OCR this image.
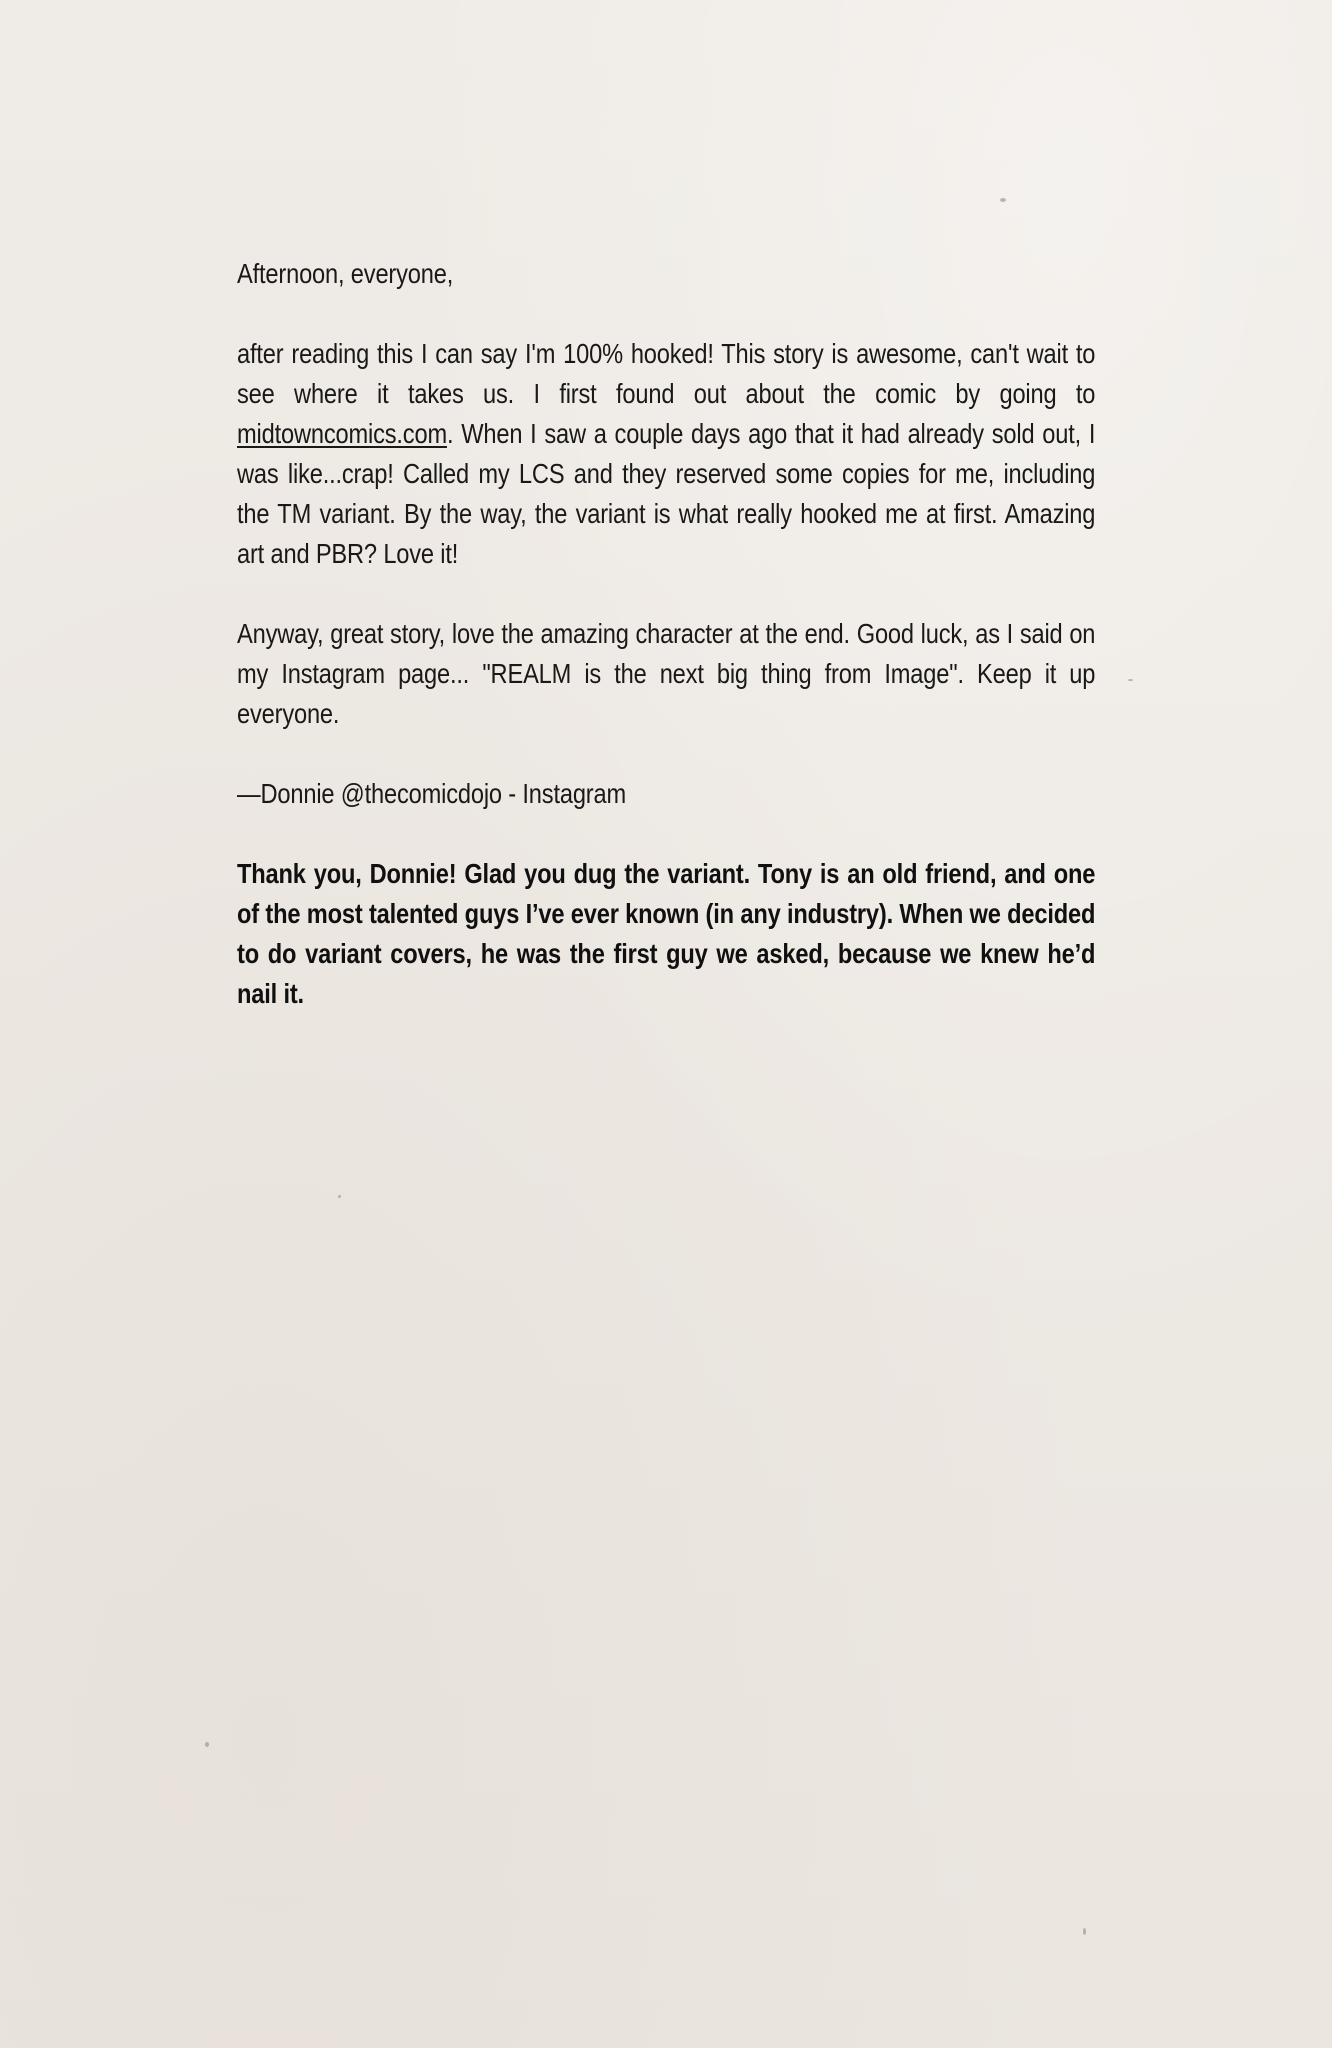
Afternoon, everyone,

after reading this I can say I'm 100% hooked! This story is awesome, can't wait to see where it takes us. I first found out about the comic by going to midtowncomics.com. When I saw a couple days ago that it had already sold out, I was like...crap! Called my LCS and they reserved some copies for me, including the TM variant. By the way, the variant is what really hooked me at first. Amazing art and PBR? Love it!

Anyway, great story, love the amazing character at the end. Good luck, as I said on my Instagram page... "REALM is the next big thing from Image". Keep it up everyone.

—Donnie @thecomicdojo - Instagram

Thank you, Donnie! Glad you dug the variant. Tony is an old friend, and one of the most talented guys I’ve ever known (in any industry). When we decided to do variant covers, he was the first guy we asked, because we knew he’d nail it.
